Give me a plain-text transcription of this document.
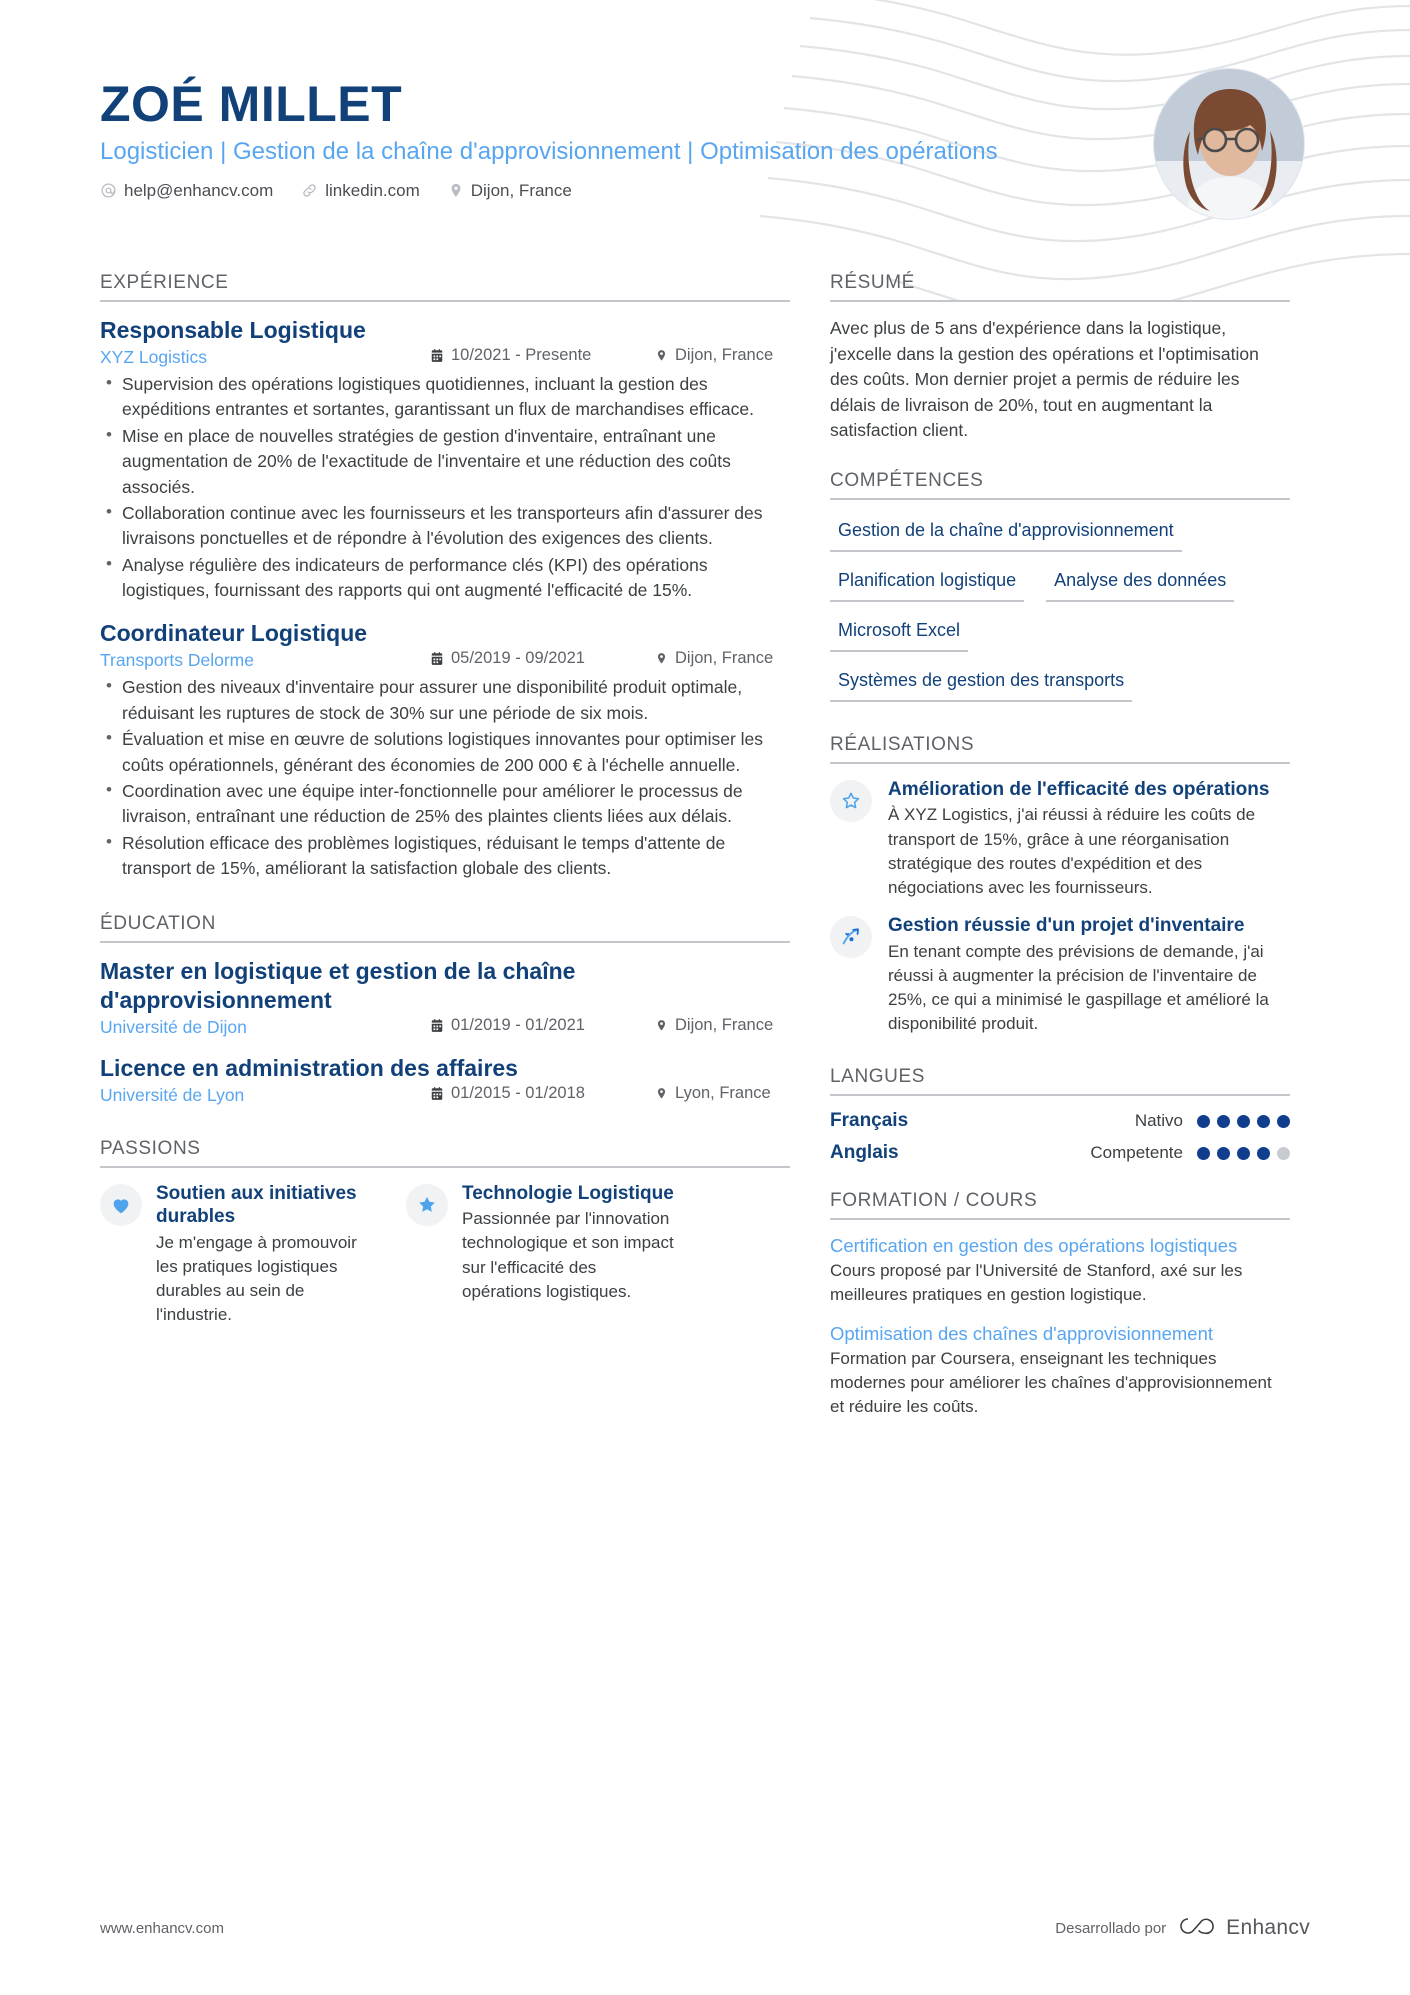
ZOÉ MILLET
Logisticien | Gestion de la chaîne d'approvisionnement | Optimisation des opérations
help@enhancv.com	linkedin.com	Dijon, France
EXPÉRIENCE
Responsable Logistique
XYZ Logistics	10/2021 - Presente	Dijon, France
• Supervision des opérations logistiques quotidiennes, incluant la gestion des expéditions entrantes et sortantes, garantissant un flux de marchandises efficace.
• Mise en place de nouvelles stratégies de gestion d'inventaire, entraînant une augmentation de 20% de l'exactitude de l'inventaire et une réduction des coûts associés.
• Collaboration continue avec les fournisseurs et les transporteurs afin d'assurer des livraisons ponctuelles et de répondre à l'évolution des exigences des clients.
• Analyse régulière des indicateurs de performance clés (KPI) des opérations logistiques, fournissant des rapports qui ont augmenté l'efficacité de 15%.
Coordinateur Logistique
Transports Delorme	05/2019 - 09/2021	Dijon, France
• Gestion des niveaux d'inventaire pour assurer une disponibilité produit optimale, réduisant les ruptures de stock de 30% sur une période de six mois.
• Évaluation et mise en œuvre de solutions logistiques innovantes pour optimiser les coûts opérationnels, générant des économies de 200 000 € à l'échelle annuelle.
• Coordination avec une équipe inter-fonctionnelle pour améliorer le processus de livraison, entraînant une réduction de 25% des plaintes clients liées aux délais.
• Résolution efficace des problèmes logistiques, réduisant le temps d'attente de transport de 15%, améliorant la satisfaction globale des clients.
ÉDUCATION
Master en logistique et gestion de la chaîne d'approvisionnement
Université de Dijon	01/2019 - 01/2021	Dijon, France
Licence en administration des affaires
Université de Lyon	01/2015 - 01/2018	Lyon, France
PASSIONS
Soutien aux initiatives durables
Je m'engage à promouvoir les pratiques logistiques durables au sein de l'industrie.
Technologie Logistique
Passionnée par l'innovation technologique et son impact sur l'efficacité des opérations logistiques.
RÉSUMÉ
Avec plus de 5 ans d'expérience dans la logistique, j'excelle dans la gestion des opérations et l'optimisation des coûts. Mon dernier projet a permis de réduire les délais de livraison de 20%, tout en augmentant la satisfaction client.
COMPÉTENCES
Gestion de la chaîne d'approvisionnement
Planification logistique	Analyse des données
Microsoft Excel
Systèmes de gestion des transports
RÉALISATIONS
Amélioration de l'efficacité des opérations
À XYZ Logistics, j'ai réussi à réduire les coûts de transport de 15%, grâce à une réorganisation stratégique des routes d'expédition et des négociations avec les fournisseurs.
Gestion réussie d'un projet d'inventaire
En tenant compte des prévisions de demande, j'ai réussi à augmenter la précision de l'inventaire de 25%, ce qui a minimisé le gaspillage et amélioré la disponibilité produit.
LANGUES
Français	Nativo
Anglais	Competente
FORMATION / COURS
Certification en gestion des opérations logistiques
Cours proposé par l'Université de Stanford, axé sur les meilleures pratiques en gestion logistique.
Optimisation des chaînes d'approvisionnement
Formation par Coursera, enseignant les techniques modernes pour améliorer les chaînes d'approvisionnement et réduire les coûts.
www.enhancv.com	Desarrollado por	Enhancv
